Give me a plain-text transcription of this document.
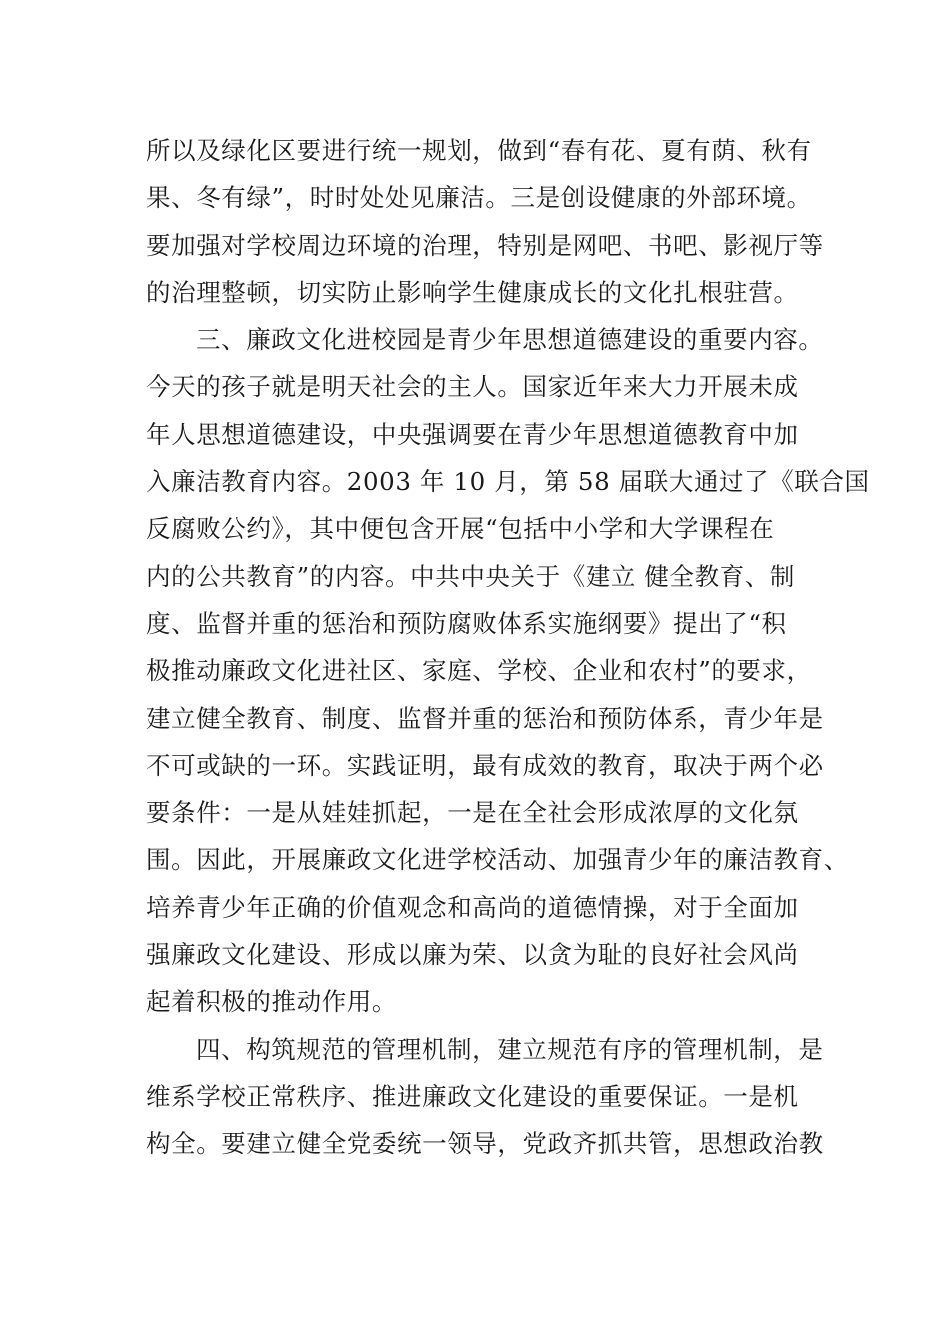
所以及绿化区要进行统一规划，做到“春有花、夏有荫、秋有
果、冬有绿”，时时处处见廉洁。三是创设健康的外部环境。
要加强对学校周边环境的治理，特别是网吧、书吧、影视厅等
的治理整顿，切实防止影响学生健康成长的文化扎根驻营。
三、廉政文化进校园是青少年思想道德建设的重要内容。
今天的孩子就是明天社会的主人。国家近年来大力开展未成
年人思想道德建设，中央强调要在青少年思想道德教育中加
入廉洁教育内容。2003 年 10 月，第 58 届联大通过了《联合国
反腐败公约》，其中便包含开展“包括中小学和大学课程在
内的公共教育”的内容。中共中央关于《建立 健全教育、制
度、监督并重的惩治和预防腐败体系实施纲要》提出了“积
极推动廉政文化进社区、家庭、学校、企业和农村”的要求，
建立健全教育、制度、监督并重的惩治和预防体系，青少年是
不可或缺的一环。实践证明，最有成效的教育，取决于两个必
要条件：一是从娃娃抓起，一是在全社会形成浓厚的文化氛
围。因此，开展廉政文化进学校活动、加强青少年的廉洁教育、
培养青少年正确的价值观念和高尚的道德情操，对于全面加
强廉政文化建设、形成以廉为荣、以贪为耻的良好社会风尚
起着积极的推动作用。
四、构筑规范的管理机制，建立规范有序的管理机制，是
维系学校正常秩序、推进廉政文化建设的重要保证。一是机
构全。要建立健全党委统一领导，党政齐抓共管，思想政治教
